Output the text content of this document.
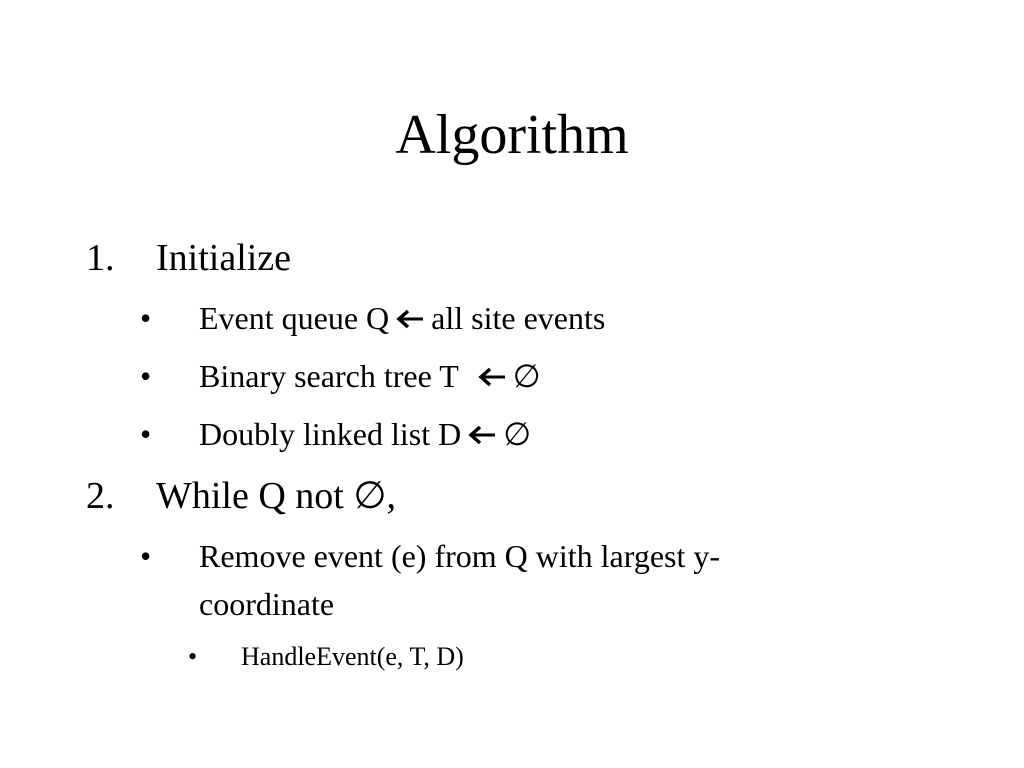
Algorithm
1. Initialize
• Event queue Q all site events
• Binary search tree T ∅
• Doubly linked list D ∅
2. While Q not ∅,
• Remove event (e) from Q with largest y-
coordinate
• HandleEvent(e, T, D)
